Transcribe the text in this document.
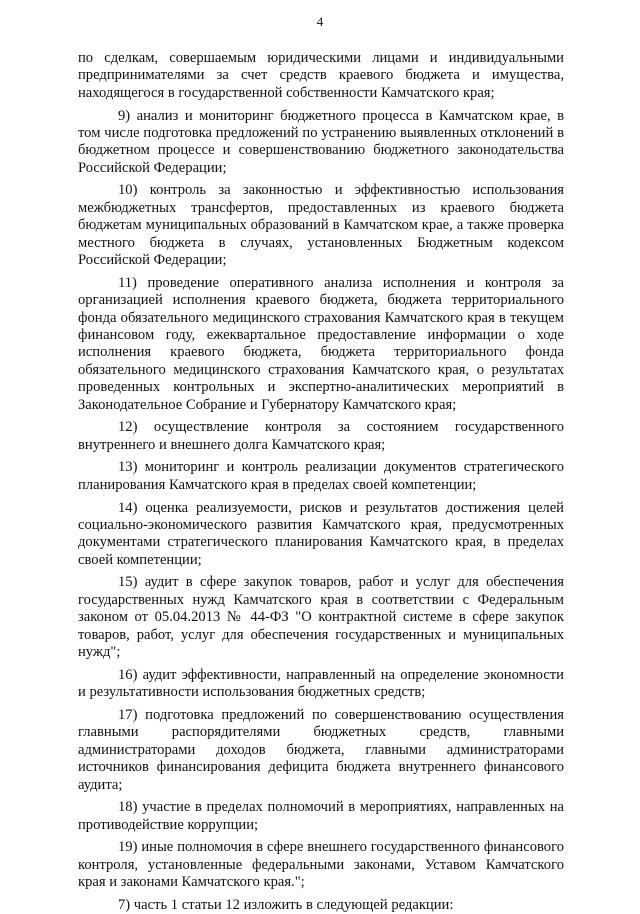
4

по сделкам, совершаемым юридическими лицами и индивидуальными предпринимателями за счет средств краевого бюджета и имущества, находящегося в государственной собственности Камчатского края;

9) анализ и мониторинг бюджетного процесса в Камчатском крае, в том числе подготовка предложений по устранению выявленных отклонений в бюджетном процессе и совершенствованию бюджетного законодательства Российской Федерации;

10) контроль за законностью и эффективностью использования межбюджетных трансфертов, предоставленных из краевого бюджета бюджетам муниципальных образований в Камчатском крае, а также проверка местного бюджета в случаях, установленных Бюджетным кодексом Российской Федерации;

11) проведение оперативного анализа исполнения и контроля за организацией исполнения краевого бюджета, бюджета территориального фонда обязательного медицинского страхования Камчатского края в текущем финансовом году, ежеквартальное предоставление информации о ходе исполнения краевого бюджета, бюджета территориального фонда обязательного медицинского страхования Камчатского края, о результатах проведенных контрольных и экспертно-аналитических мероприятий в Законодательное Собрание и Губернатору Камчатского края;

12) осуществление контроля за состоянием государственного внутреннего и внешнего долга Камчатского края;

13) мониторинг и контроль реализации документов стратегического планирования Камчатского края в пределах своей компетенции;

14) оценка реализуемости, рисков и результатов достижения целей социально-экономического развития Камчатского края, предусмотренных документами стратегического планирования Камчатского края, в пределах своей компетенции;

15) аудит в сфере закупок товаров, работ и услуг для обеспечения государственных нужд Камчатского края в соответствии с Федеральным законом от 05.04.2013 № 44-ФЗ "О контрактной системе в сфере закупок товаров, работ, услуг для обеспечения государственных и муниципальных нужд";

16) аудит эффективности, направленный на определение экономности и результативности использования бюджетных средств;

17) подготовка предложений по совершенствованию осуществления главными распорядителями бюджетных средств, главными администраторами доходов бюджета, главными администраторами источников финансирования дефицита бюджета внутреннего финансового аудита;

18) участие в пределах полномочий в мероприятиях, направленных на противодействие коррупции;

19) иные полномочия в сфере внешнего государственного финансового контроля, установленные федеральными законами, Уставом Камчатского края и законами Камчатского края.";

7) часть 1 статьи 12 изложить в следующей редакции:
